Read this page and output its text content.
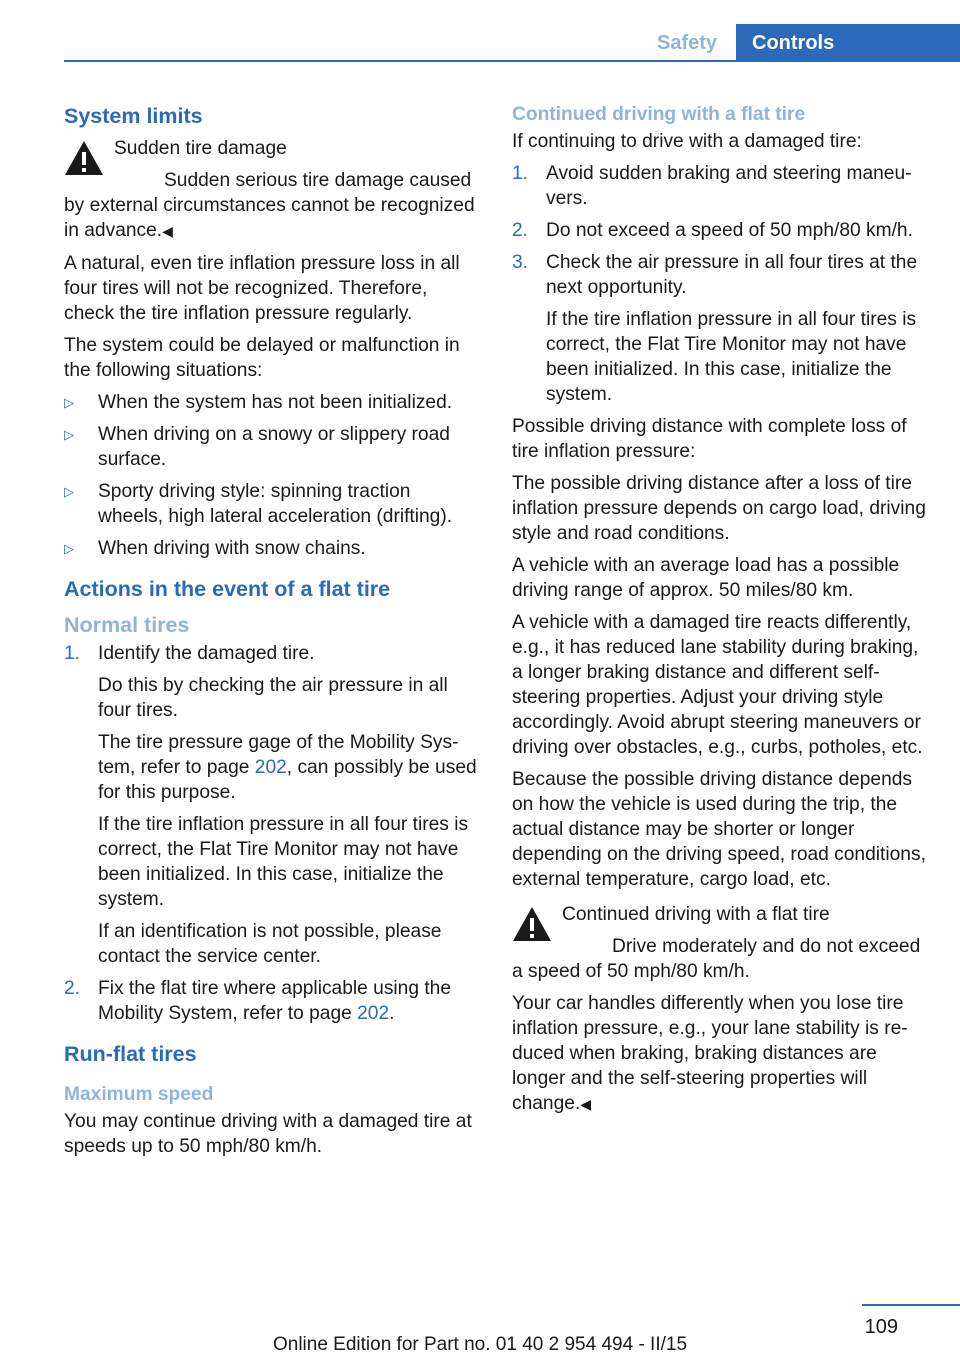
Safety	Controls
System limits
Sudden tire damage

Sudden serious tire damage caused by external circumstances cannot be recognized in advance.◀

A natural, even tire inflation pressure loss in all four tires will not be recognized. Therefore, check the tire inflation pressure regularly.

The system could be delayed or malfunction in the following situations:

▷ When the system has not been initialized.
▷ When driving on a snowy or slippery road surface.
▷ Sporty driving style: spinning traction wheels, high lateral acceleration (drifting).
▷ When driving with snow chains.
Actions in the event of a flat tire
Normal tires
1. Identify the damaged tire.

Do this by checking the air pressure in all four tires.

The tire pressure gage of the Mobility System, refer to page 202, can possibly be used for this purpose.

If the tire inflation pressure in all four tires is correct, the Flat Tire Monitor may not have been initialized. In this case, initialize the system.

If an identification is not possible, please contact the service center.

2. Fix the flat tire where applicable using the Mobility System, refer to page 202.
Run-flat tires
Maximum speed

You may continue driving with a damaged tire at speeds up to 50 mph/80 km/h.

Continued driving with a flat tire

If continuing to drive with a damaged tire:

1. Avoid sudden braking and steering maneuvers.
2. Do not exceed a speed of 50 mph/80 km/h.
3. Check the air pressure in all four tires at the next opportunity.

If the tire inflation pressure in all four tires is correct, the Flat Tire Monitor may not have been initialized. In this case, initialize the system.

Possible driving distance with complete loss of tire inflation pressure:

The possible driving distance after a loss of tire inflation pressure depends on cargo load, driving style and road conditions.

A vehicle with an average load has a possible driving range of approx. 50 miles/80 km.

A vehicle with a damaged tire reacts differently, e.g., it has reduced lane stability during braking, a longer braking distance and different self-steering properties. Adjust your driving style accordingly. Avoid abrupt steering maneuvers or driving over obstacles, e.g., curbs, potholes, etc.

Because the possible driving distance depends on how the vehicle is used during the trip, the actual distance may be shorter or longer depending on the driving speed, road conditions, external temperature, cargo load, etc.

Continued driving with a flat tire

Drive moderately and do not exceed a speed of 50 mph/80 km/h.

Your car handles differently when you lose tire inflation pressure, e.g., your lane stability is reduced when braking, braking distances are longer and the self-steering properties will change.◀

109
Online Edition for Part no. 01 40 2 954 494 - II/15
